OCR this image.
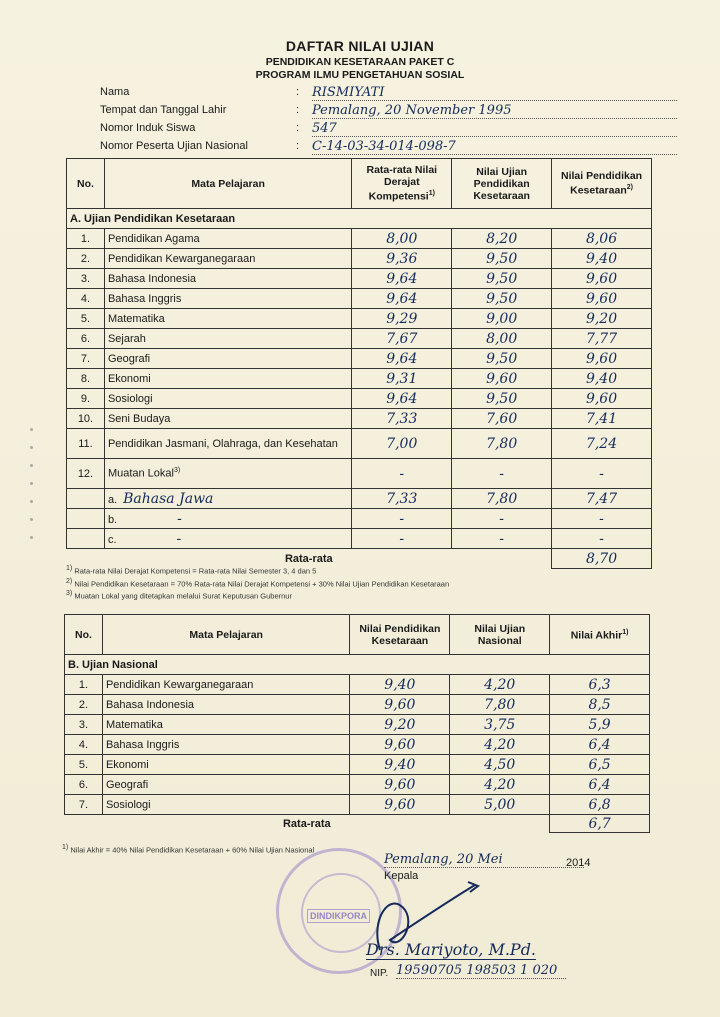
DAFTAR NILAI UJIAN
PENDIDIKAN KESETARAAN PAKET C
PROGRAM ILMU PENGETAHUAN SOSIAL
Nama	: RISMIYATI
Tempat dan Tanggal Lahir	: Pemalang, 20 November 1995
Nomor Induk Siswa	: 547
Nomor Peserta Ujian Nasional	: C-14-03-34-014-098-7
No.	Mata Pelajaran	Rata-rata Nilai Derajat Kompetensi$^{1)}$	Nilai Ujian Pendidikan Kesetaraan	Nilai Pendidikan Kesetaraan$^{2)}$
A. Ujian Pendidikan Kesetaraan				
1.	Pendidikan Agama	8,00	8,20	8,06
2.	Pendidikan Kewarganegaraan	9,36	9,50	9,40
3.	Bahasa Indonesia	9,64	9,50	9,60
4.	Bahasa Inggris	9,64	9,50	9,60
5.	Matematika	9,29	9,00	9,20
6.	Sejarah	7,67	8,00	7,77
7.	Geografi	9,64	9,50	9,60
8.	Ekonomi	9,31	9,60	9,40
9.	Sosiologi	9,64	9,50	9,60
10.	Seni Budaya	7,33	7,60	7,41
11.	Pendidikan Jasmani, Olahraga, dan Kesehatan	7,00	7,80	7,24
12.	Muatan Lokal$^{3)}$	-	-	-
	a. Bahasa Jawa	7,33	7,80	7,47
	b. -	-	-	-
	c. -	-	-	-
Rata-rata				8,70
1) Rata-rata Nilai Derajat Kompetensi = Rata-rata Nilai Semester 3, 4 dan 5
2) Nilai Pendidikan Kesetaraan = 70% Rata-rata Nilai Derajat Kompetensi + 30% Nilai Ujian Pendidikan Kesetaraan
3) Muatan Lokal yang ditetapkan melalui Surat Keputusan Gubernur
No.	Mata Pelajaran	Nilai Pendidikan Kesetaraan	Nilai Ujian Nasional	Nilai Akhir$^{1)}$
B. Ujian Nasional				
1.	Pendidikan Kewarganegaraan	9,40	4,20	6,3
2.	Bahasa Indonesia	9,60	7,80	8,5
3.	Matematika	9,20	3,75	5,9
4.	Bahasa Inggris	9,60	4,20	6,4
5.	Ekonomi	9,40	4,50	6,5
6.	Geografi	9,60	4,20	6,4
7.	Sosiologi	9,60	5,00	6,8
Rata-rata				6,7
1) Nilai Akhir = 40% Nilai Pendidikan Kesetaraan + 60% Nilai Ujian Nasional
DINDIKPORA
Pemalang, 20 Mei	2014
Kepala
Drs. Mariyoto, M.Pd.
NIP. 19590705 198503 1 020
